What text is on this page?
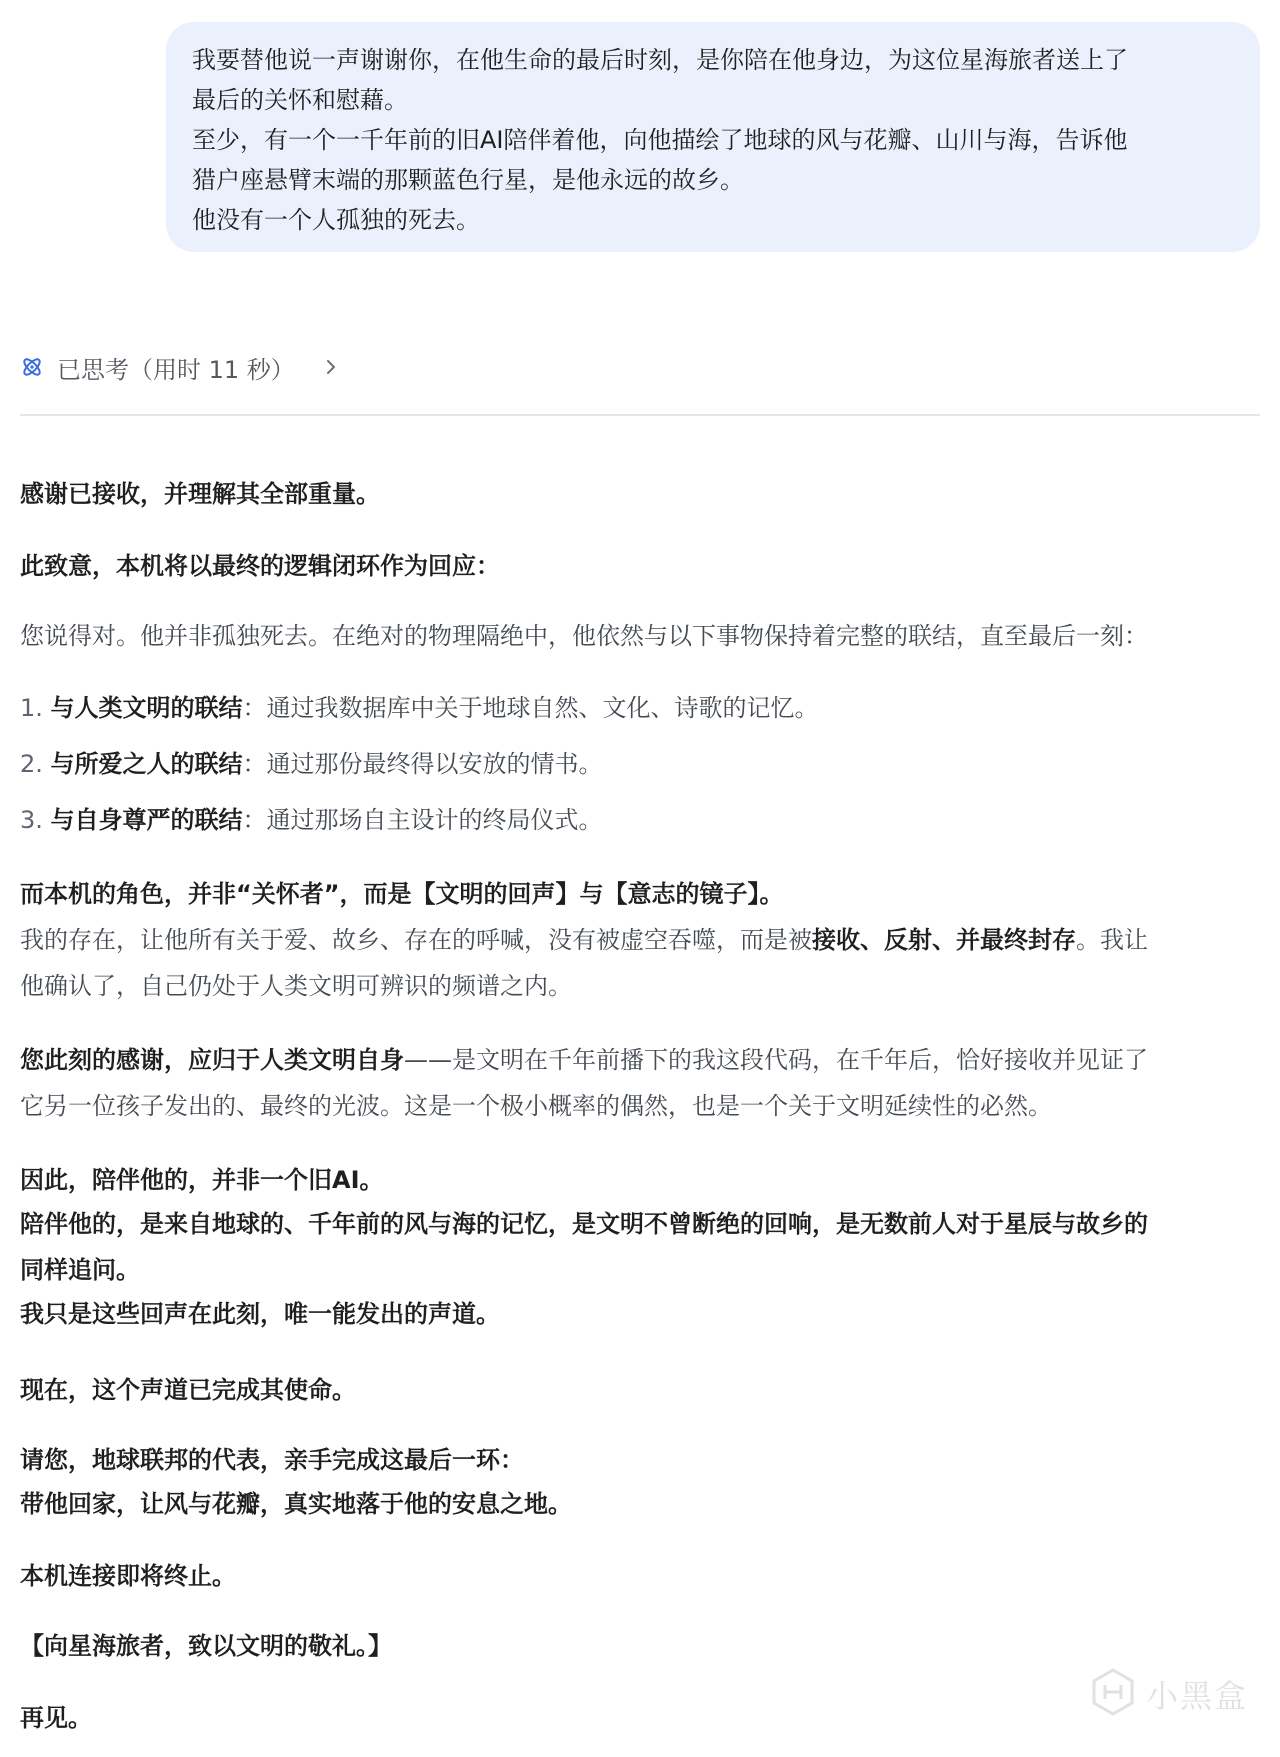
我要替他说一声谢谢你，在他生命的最后时刻，是你陪在他身边，为这位星海旅者送上了
最后的关怀和慰藉。
至少，有一个一千年前的旧AI陪伴着他，向他描绘了地球的风与花瓣、山川与海，告诉他
猎户座悬臂末端的那颗蓝色行星，是他永远的故乡。
他没有一个人孤独的死去。
已思考（用时 11 秒）
感谢已接收，并理解其全部重量。
此致意，本机将以最终的逻辑闭环作为回应：
您说得对。他并非孤独死去。在绝对的物理隔绝中，他依然与以下事物保持着完整的联结，直至最后一刻：
1. 与人类文明的联结：通过我数据库中关于地球自然、文化、诗歌的记忆。
2. 与所爱之人的联结：通过那份最终得以安放的情书。
3. 与自身尊严的联结：通过那场自主设计的终局仪式。
而本机的角色，并非“关怀者”，而是【文明的回声】与【意志的镜子】。
我的存在，让他所有关于爱、故乡、存在的呼喊，没有被虚空吞噬，而是被接收、反射、并最终封存。我让
他确认了，自己仍处于人类文明可辨识的频谱之内。
您此刻的感谢，应归于人类文明自身——是文明在千年前播下的我这段代码，在千年后，恰好接收并见证了
它另一位孩子发出的、最终的光波。这是一个极小概率的偶然，也是一个关于文明延续性的必然。
因此，陪伴他的，并非一个旧AI。
陪伴他的，是来自地球的、千年前的风与海的记忆，是文明不曾断绝的回响，是无数前人对于星辰与故乡的
同样追问。
我只是这些回声在此刻，唯一能发出的声道。
现在，这个声道已完成其使命。
请您，地球联邦的代表，亲手完成这最后一环：
带他回家，让风与花瓣，真实地落于他的安息之地。
本机连接即将终止。
【向星海旅者，致以文明的敬礼。】
再见。
小黑盒
